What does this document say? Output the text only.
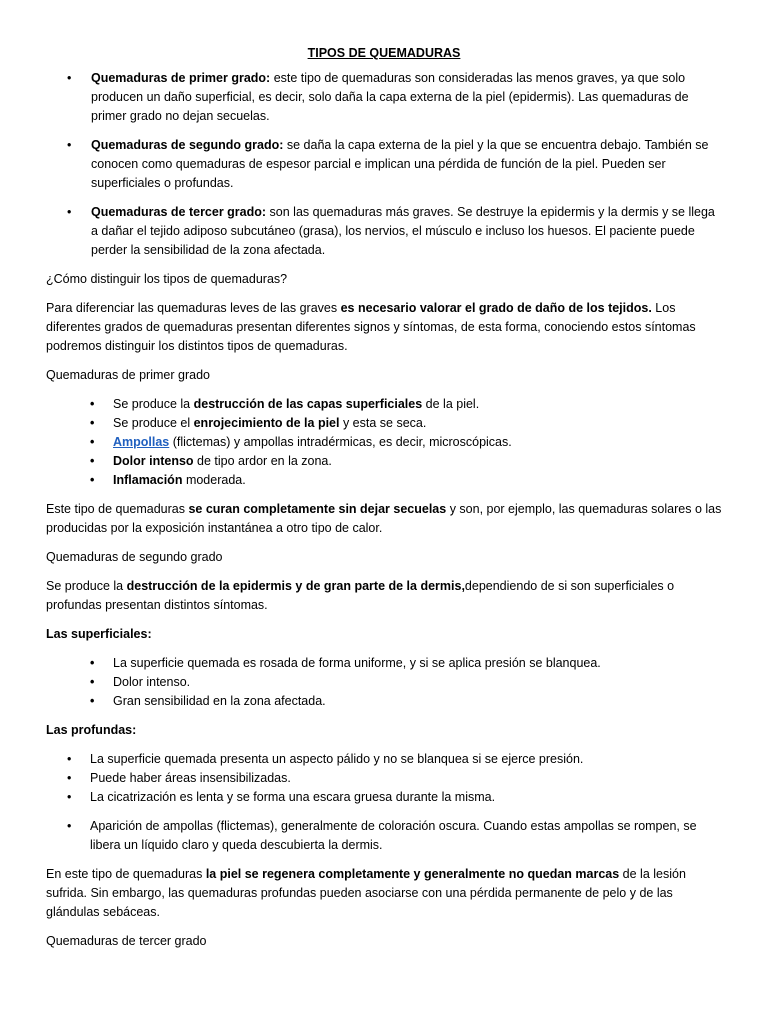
TIPOS DE QUEMADURAS

• Quemaduras de primer grado: este tipo de quemaduras son consideradas las menos graves, ya que solo producen un daño superficial, es decir, solo daña la capa externa de la piel (epidermis). Las quemaduras de primer grado no dejan secuelas.
• Quemaduras de segundo grado: se daña la capa externa de la piel y la que se encuentra debajo. También se conocen como quemaduras de espesor parcial e implican una pérdida de función de la piel. Pueden ser superficiales o profundas.
• Quemaduras de tercer grado: son las quemaduras más graves. Se destruye la epidermis y la dermis y se llega a dañar el tejido adiposo subcutáneo (grasa), los nervios, el músculo e incluso los huesos. El paciente puede perder la sensibilidad de la zona afectada.

¿Cómo distinguir los tipos de quemaduras?

Para diferenciar las quemaduras leves de las graves es necesario valorar el grado de daño de los tejidos. Los diferentes grados de quemaduras presentan diferentes signos y síntomas, de esta forma, conociendo estos síntomas podremos distinguir los distintos tipos de quemaduras.

Quemaduras de primer grado

• Se produce la destrucción de las capas superficiales de la piel.
• Se produce el enrojecimiento de la piel y esta se seca.
• Ampollas (flictemas) y ampollas intradérmicas, es decir, microscópicas.
• Dolor intenso de tipo ardor en la zona.
• Inflamación moderada.

Este tipo de quemaduras se curan completamente sin dejar secuelas y son, por ejemplo, las quemaduras solares o las producidas por la exposición instantánea a otro tipo de calor.

Quemaduras de segundo grado

Se produce la destrucción de la epidermis y de gran parte de la dermis,dependiendo de si son superficiales o profundas presentan distintos síntomas.

Las superficiales:

• La superficie quemada es rosada de forma uniforme, y si se aplica presión se blanquea.
• Dolor intenso.
• Gran sensibilidad en la zona afectada.

Las profundas:

• La superficie quemada presenta un aspecto pálido y no se blanquea si se ejerce presión.
• Puede haber áreas insensibilizadas.
• La cicatrización es lenta y se forma una escara gruesa durante la misma.
• Aparición de ampollas (flictemas), generalmente de coloración oscura. Cuando estas ampollas se rompen, se libera un líquido claro y queda descubierta la dermis.

En este tipo de quemaduras la piel se regenera completamente y generalmente no quedan marcas de la lesión sufrida. Sin embargo, las quemaduras profundas pueden asociarse con una pérdida permanente de pelo y de las glándulas sebáceas.

Quemaduras de tercer grado
